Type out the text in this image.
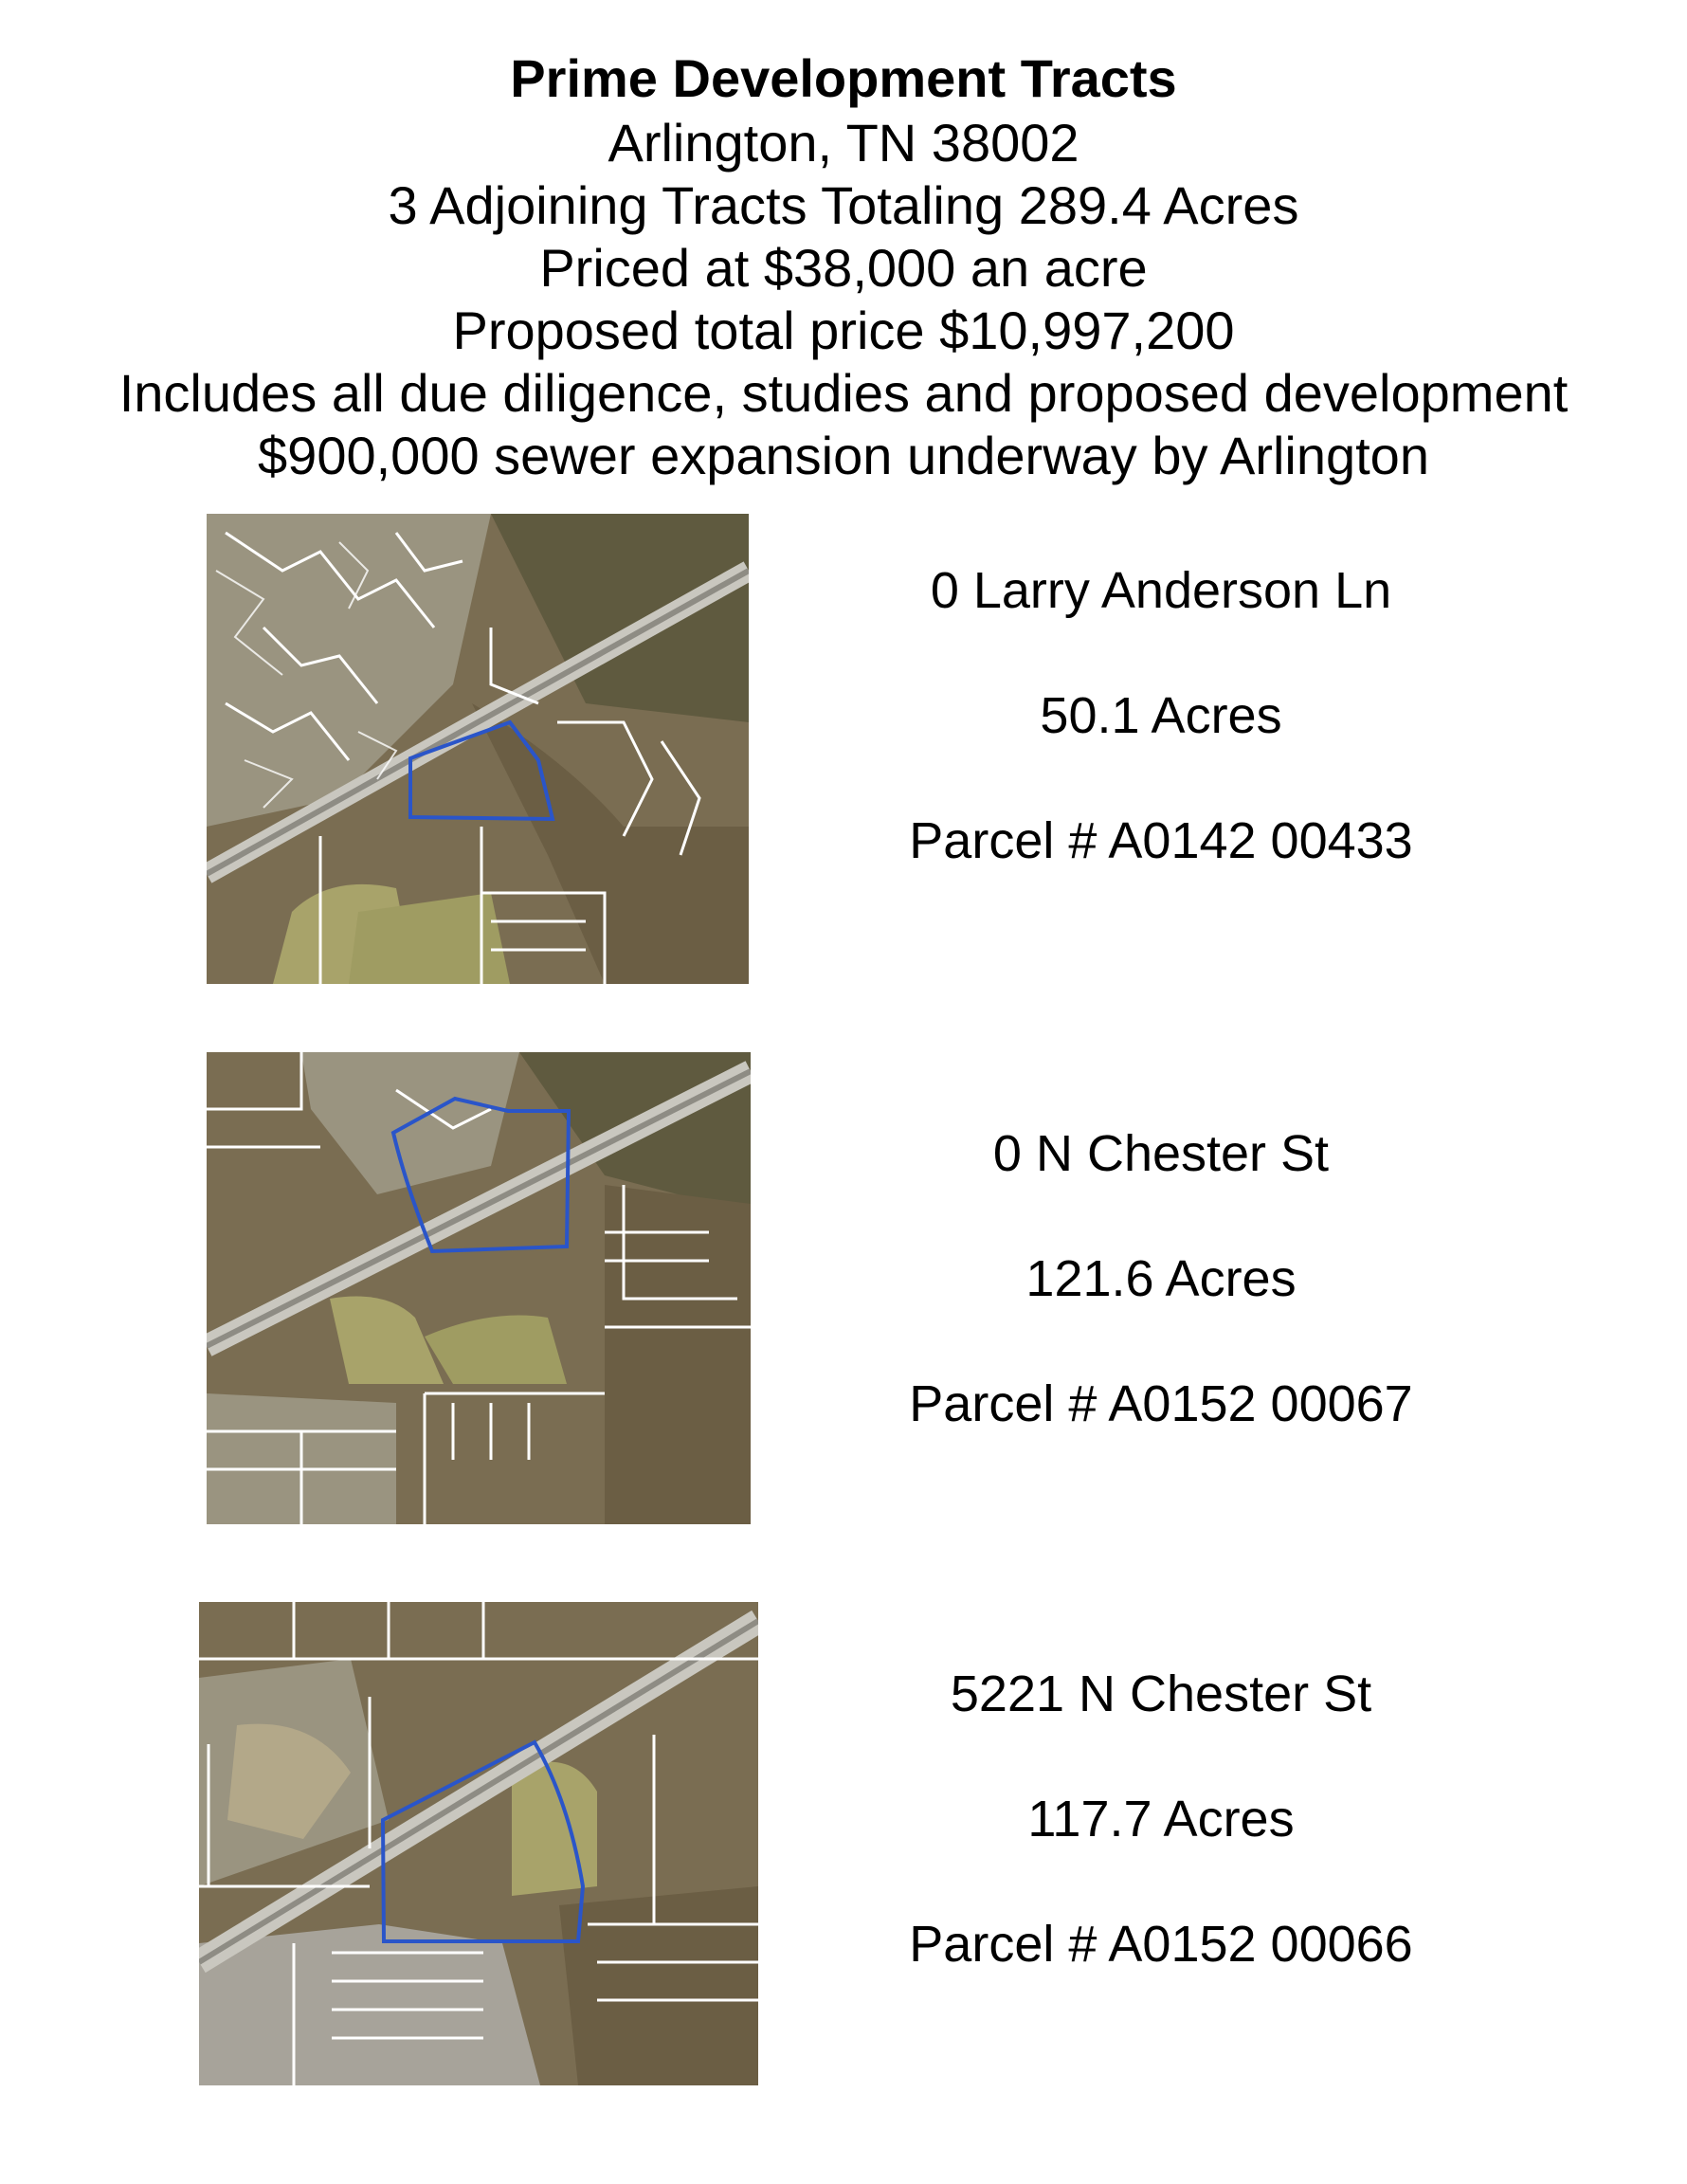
Prime Development Tracts
Arlington, TN 38002
3 Adjoining Tracts Totaling 289.4 Acres
Priced at $38,000 an acre
Proposed total price $10,997,200
Includes all due diligence, studies and proposed development
$900,000 sewer expansion underway by Arlington
0 Larry Anderson Ln
50.1 Acres
Parcel # A0142 00433
0 N Chester St
121.6 Acres
Parcel # A0152 00067
5221 N Chester St
117.7 Acres
Parcel # A0152 00066
